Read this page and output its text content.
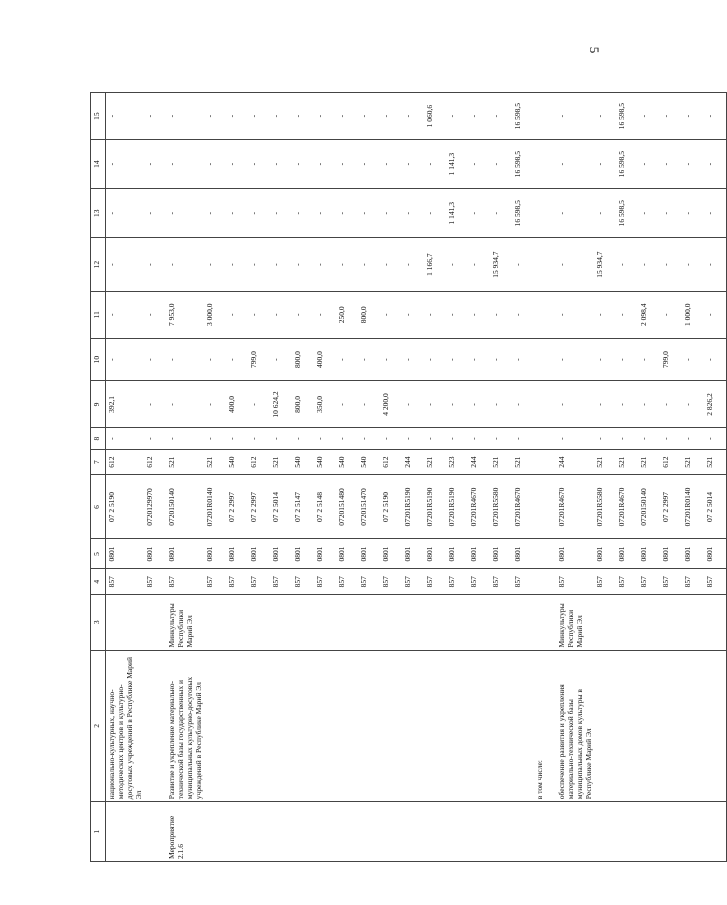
5
1	2	3	4	5	6	7	8	9	10	11	12	13	14	15
	национально-культурных, научно-методических центров и культурно-досуговых учреждений в Республике Марий Эл		857	0801	07 2 5190	612	-	392,1	-	-	-	-	-	-
			857	0801	0720129970	612	-	-	-	-	-	-	-	-
Мероприятие 2.1.6	Развитие и укрепление материально-технической базы государственных и муниципальных культурно-досуговых учреждений в Республике Марий Эл	Минкультуры Республики Марий Эл	857	0801	0720150140	521	-	-	-	7 953,0	-	-	-	-
			857	0801	07201R0140	521	-	-	-	3 000,0	-	-	-	-
			857	0801	07 2 2997	540	-	400,0	-	-	-	-	-	-
			857	0801	07 2 2997	612	-	-	799,0	-	-	-	-	-
			857	0801	07 2 5014	521	-	10 624,2	-	-	-	-	-	-
			857	0801	07 2 5147	540	-	800,0	800,0	-	-	-	-	-
			857	0801	07 2 5148	540	-	350,0	400,0	-	-	-	-	-
			857	0801	0720151480	540	-	-	-	250,0	-	-	-	-
			857	0801	0720151470	540	-	-	-	800,0	-	-	-	-
			857	0801	07 2 5190	612	-	4 200,0	-	-	-	-	-	-
			857	0801	07201R5190	244	-	-	-	-	-	-	-	-
			857	0801	07201R5190	521	-	-	-	-	1 166,7	-	-	1 060,6
			857	0801	07201R5190	523	-	-	-	-	-	1 141,3	1 141,3	-
			857	0801	07201R4670	244	-	-	-	-	-	-	-	-
			857	0801	07201R5580	521	-	-	-	-	15 934,7	-	-	-
			857	0801	07201R4670	521	-	-	-	-	-	16 598,5	16 598,5	16 598,5
	в том числе:													
	обеспечение развития и укрепления материально-технической базы муниципальных домов культуры в Республике Марий Эл	Минкультуры Республики Марий Эл	857	0801	07201R4670	244	-	-	-	-	-	-	-	-
			857	0801	07201R5580	521	-	-	-	-	15 934,7	-	-	-
			857	0801	07201R4670	521	-	-	-	-	-	16 598,5	16 598,5	16 598,5
			857	0801	0720150140	521	-	-	-	2 098,4	-	-	-	-
			857	0801	07 2 2997	612	-	-	799,0	-	-	-	-	-
			857	0801	07201R0140	521	-	-	-	1 000,0	-	-	-	-
			857	0801	07 2 5014	521	-	2 826,2	-	-	-	-	-	-
